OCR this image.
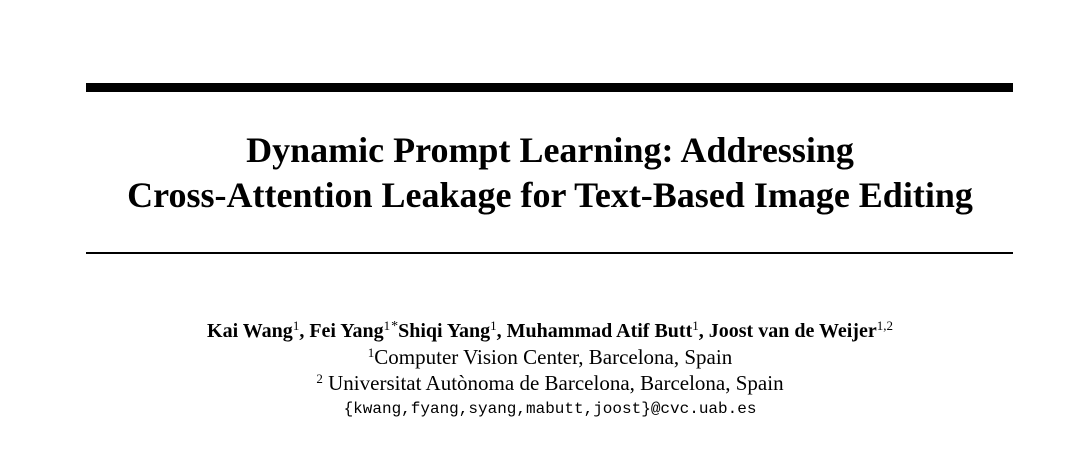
Dynamic Prompt Learning: Addressing
Cross-Attention Leakage for Text-Based Image Editing
Kai Wang$^1$, Fei Yang$^{1*}$Shiqi Yang$^1$, Muhammad Atif Butt$^1$, Joost van de Weijer$^{1,2}$
$^1$Computer Vision Center, Barcelona, Spain
$^2$ Universitat Autònoma de Barcelona, Barcelona, Spain
{kwang,fyang,syang,mabutt,joost}@cvc.uab.es
